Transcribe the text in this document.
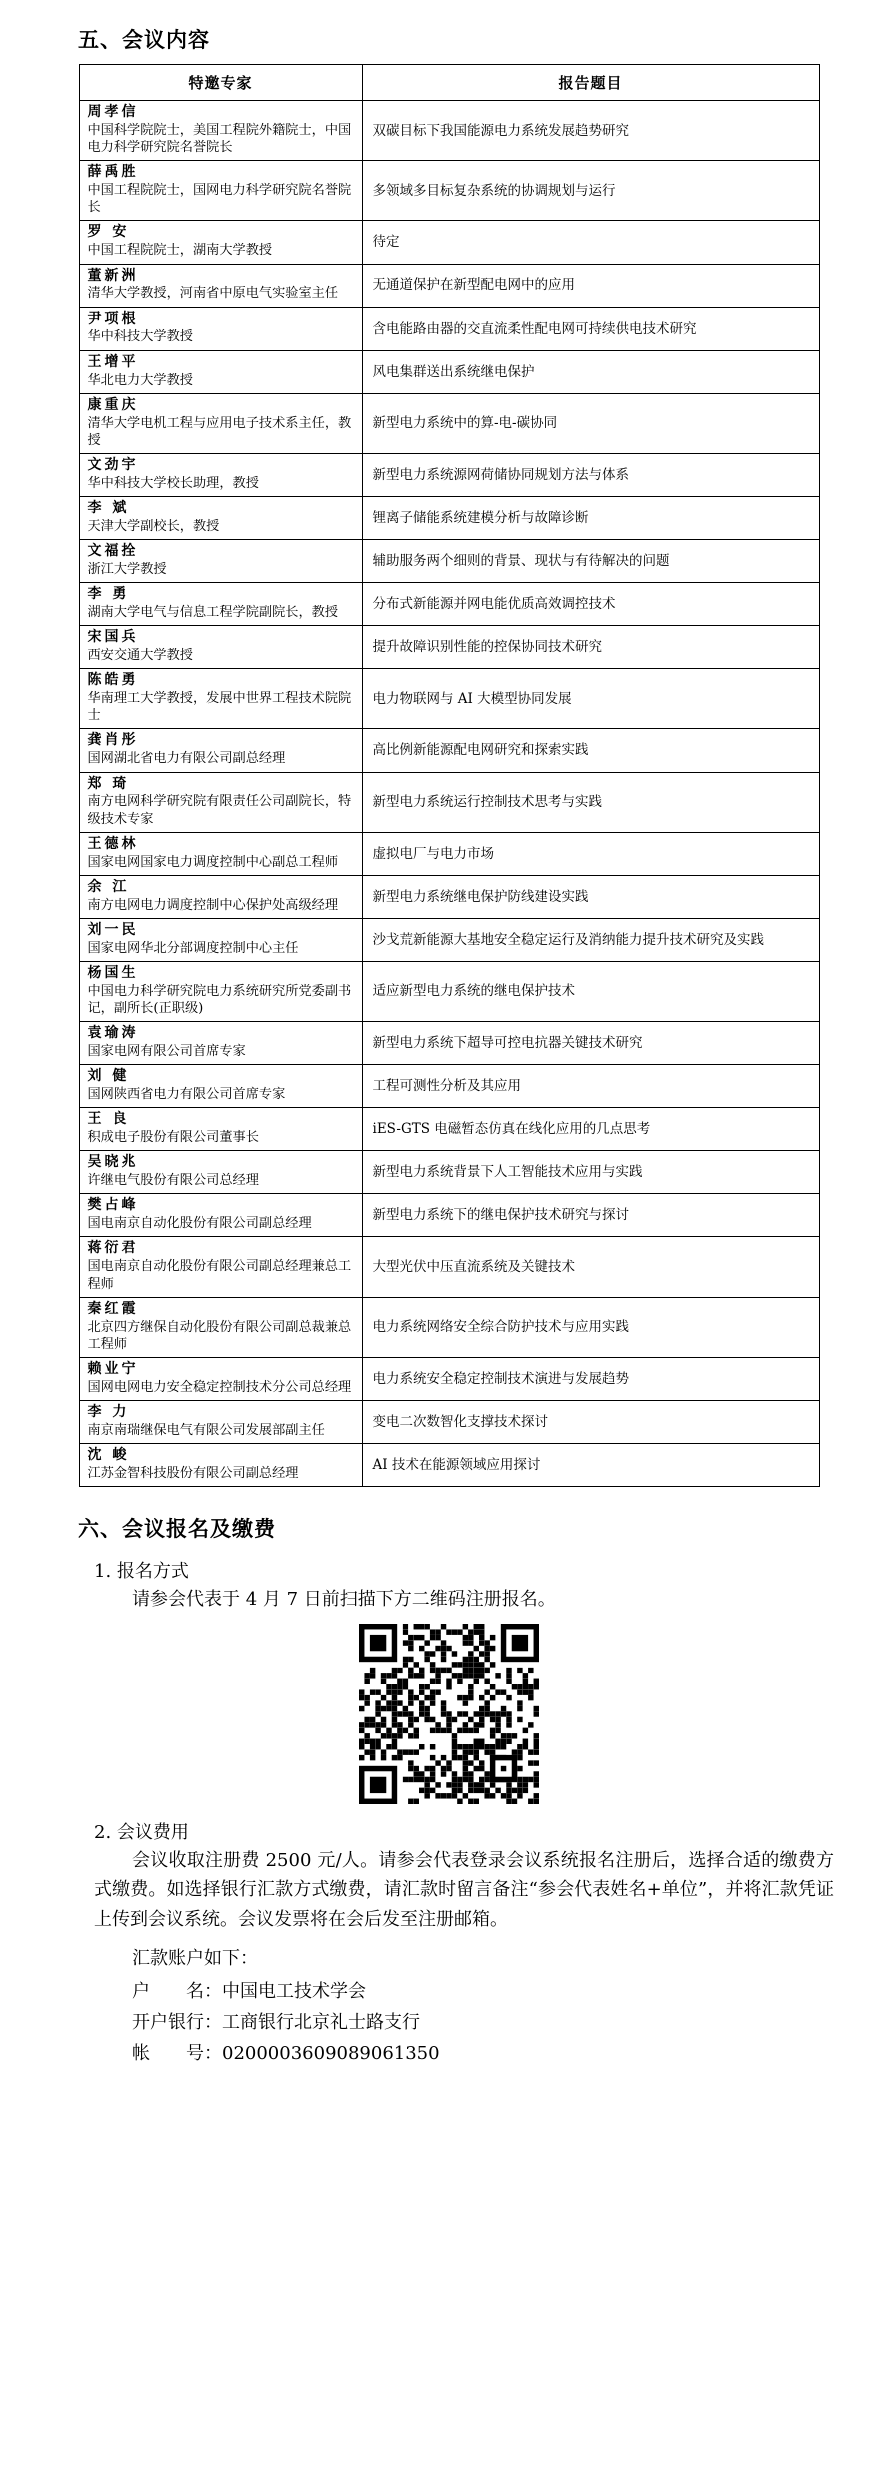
五、会议内容
特邀专家	报告题目

周孝信
中国科学院院士，美国工程院外籍院士，中国电力科学研究院名誉院长	双碳目标下我国能源电力系统发展趋势研究

薛禹胜
中国工程院院士，国网电力科学研究院名誉院长	多领域多目标复杂系统的协调规划与运行

罗 安
中国工程院院士，湖南大学教授	待定

董新洲
清华大学教授，河南省中原电气实验室主任	无通道保护在新型配电网中的应用

尹项根
华中科技大学教授	含电能路由器的交直流柔性配电网可持续供电技术研究

王增平
华北电力大学教授	风电集群送出系统继电保护

康重庆
清华大学电机工程与应用电子技术系主任，教授	新型电力系统中的算-电-碳协同

文劲宇
华中科技大学校长助理，教授	新型电力系统源网荷储协同规划方法与体系

李 斌
天津大学副校长，教授	锂离子储能系统建模分析与故障诊断

文福拴
浙江大学教授	辅助服务两个细则的背景、现状与有待解决的问题

李 勇
湖南大学电气与信息工程学院副院长，教授	分布式新能源并网电能优质高效调控技术

宋国兵
西安交通大学教授	提升故障识别性能的控保协同技术研究

陈皓勇
华南理工大学教授，发展中世界工程技术院院士	电力物联网与 AI 大模型协同发展

龚肖彤
国网湖北省电力有限公司副总经理	高比例新能源配电网研究和探索实践

郑 琦
南方电网科学研究院有限责任公司副院长，特级技术专家	新型电力系统运行控制技术思考与实践

王德林
国家电网国家电力调度控制中心副总工程师	虚拟电厂与电力市场

余 江
南方电网电力调度控制中心保护处高级经理	新型电力系统继电保护防线建设实践

刘一民
国家电网华北分部调度控制中心主任	沙戈荒新能源大基地安全稳定运行及消纳能力提升技术研究及实践

杨国生
中国电力科学研究院电力系统研究所党委副书记，副所长(正职级)	适应新型电力系统的继电保护技术

袁瑜涛
国家电网有限公司首席专家	新型电力系统下超导可控电抗器关键技术研究

刘 健
国网陕西省电力有限公司首席专家	工程可测性分析及其应用

王 良
积成电子股份有限公司董事长	iES-GTS 电磁暂态仿真在线化应用的几点思考

吴晓兆
许继电气股份有限公司总经理	新型电力系统背景下人工智能技术应用与实践

樊占峰
国电南京自动化股份有限公司副总经理	新型电力系统下的继电保护技术研究与探讨

蒋衍君
国电南京自动化股份有限公司副总经理兼总工程师	大型光伏中压直流系统及关键技术

秦红霞
北京四方继保自动化股份有限公司副总裁兼总工程师	电力系统网络安全综合防护技术与应用实践

赖业宁
国网电网电力安全稳定控制技术分公司总经理	电力系统安全稳定控制技术演进与发展趋势

李 力
南京南瑞继保电气有限公司发展部副主任	变电二次数智化支撑技术探讨

沈 峻
江苏金智科技股份有限公司副总经理	AI 技术在能源领域应用探讨
六、会议报名及缴费
1. 报名方式
请参会代表于 4 月 7 日前扫描下方二维码注册报名。
2. 会议费用
会议收取注册费 2500 元/人。请参会代表登录会议系统报名注册后，选择合适的缴费方式缴费。如选择银行汇款方式缴费，请汇款时留言备注“参会代表姓名+单位”，并将汇款凭证上传到会议系统。会议发票将在会后发至注册邮箱。
汇款账户如下：
户　　名：中国电工技术学会
开户银行：工商银行北京礼士路支行
帐　　号：0200003609089061350
